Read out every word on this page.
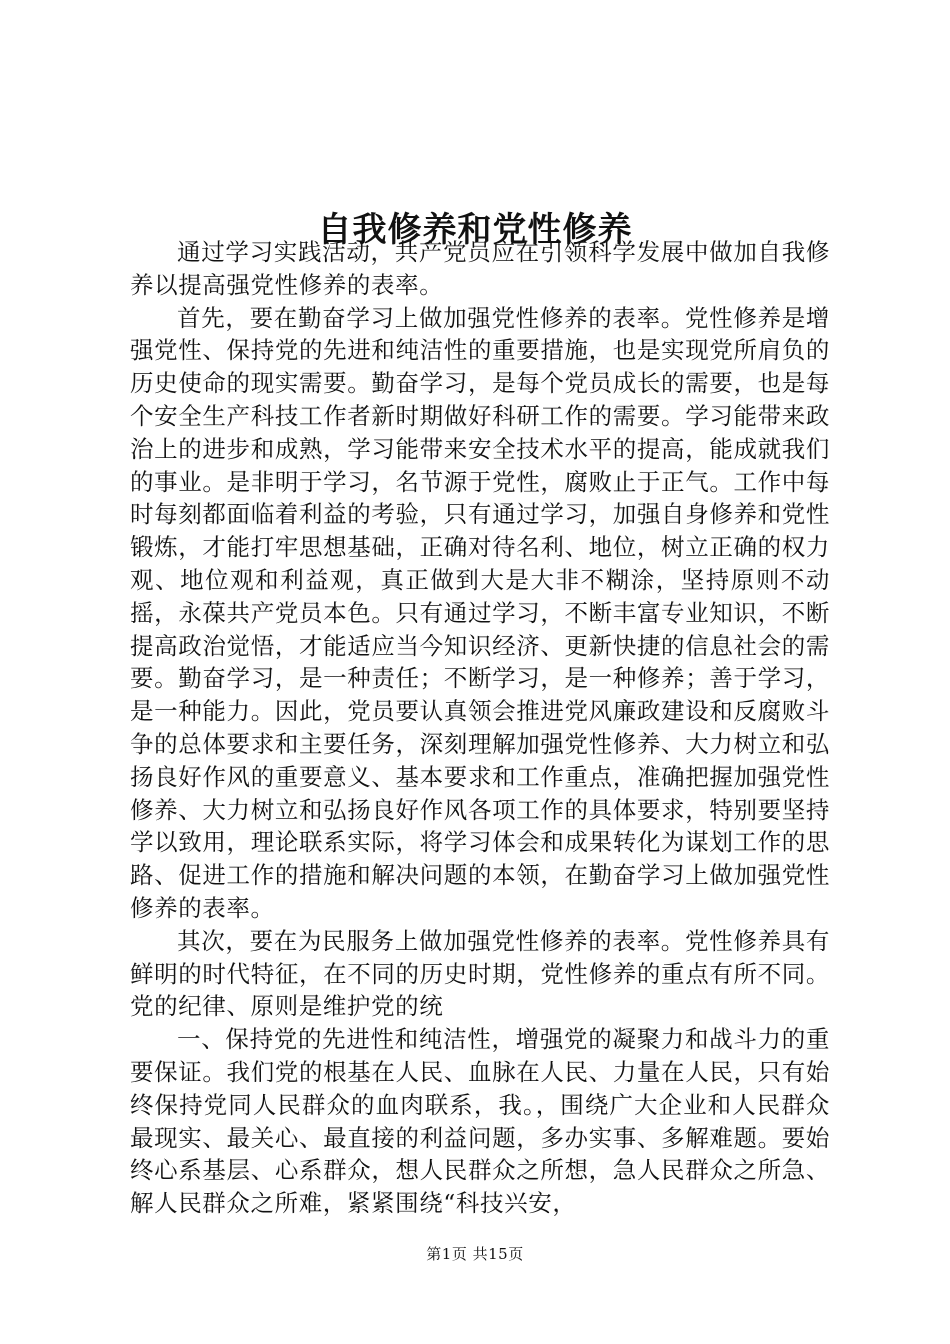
自我修养和党性修养

通过学习实践活动，共产党员应在引领科学发展中做加自我修养以提高强党性修养的表率。

首先，要在勤奋学习上做加强党性修养的表率。党性修养是增强党性、保持党的先进和纯洁性的重要措施，也是实现党所肩负的历史使命的现实需要。勤奋学习，是每个党员成长的需要，也是每个安全生产科技工作者新时期做好科研工作的需要。学习能带来政治上的进步和成熟，学习能带来安全技术水平的提高，能成就我们的事业。是非明于学习，名节源于党性，腐败止于正气。工作中每时每刻都面临着利益的考验，只有通过学习，加强自身修养和党性锻炼，才能打牢思想基础，正确对待名利、地位，树立正确的权力观、地位观和利益观，真正做到大是大非不糊涂，坚持原则不动摇，永葆共产党员本色。只有通过学习，不断丰富专业知识，不断提高政治觉悟，才能适应当今知识经济、更新快捷的信息社会的需要。勤奋学习，是一种责任；不断学习，是一种修养；善于学习，是一种能力。因此，党员要认真领会推进党风廉政建设和反腐败斗争的总体要求和主要任务，深刻理解加强党性修养、大力树立和弘扬良好作风的重要意义、基本要求和工作重点，准确把握加强党性修养、大力树立和弘扬良好作风各项工作的具体要求，特别要坚持学以致用，理论联系实际，将学习体会和成果转化为谋划工作的思路、促进工作的措施和解决问题的本领，在勤奋学习上做加强党性修养的表率。

其次，要在为民服务上做加强党性修养的表率。党性修养具有鲜明的时代特征，在不同的历史时期，党性修养的重点有所不同。党的纪律、原则是维护党的统

一、保持党的先进性和纯洁性，增强党的凝聚力和战斗力的重要保证。我们党的根基在人民、血脉在人民、力量在人民，只有始终保持党同人民群众的血肉联系，我。，围绕广大企业和人民群众最现实、最关心、最直接的利益问题，多办实事、多解难题。要始终心系基层、心系群众，想人民群众之所想，急人民群众之所急、解人民群众之所难，紧紧围绕“科技兴安，

第1页 共15页
